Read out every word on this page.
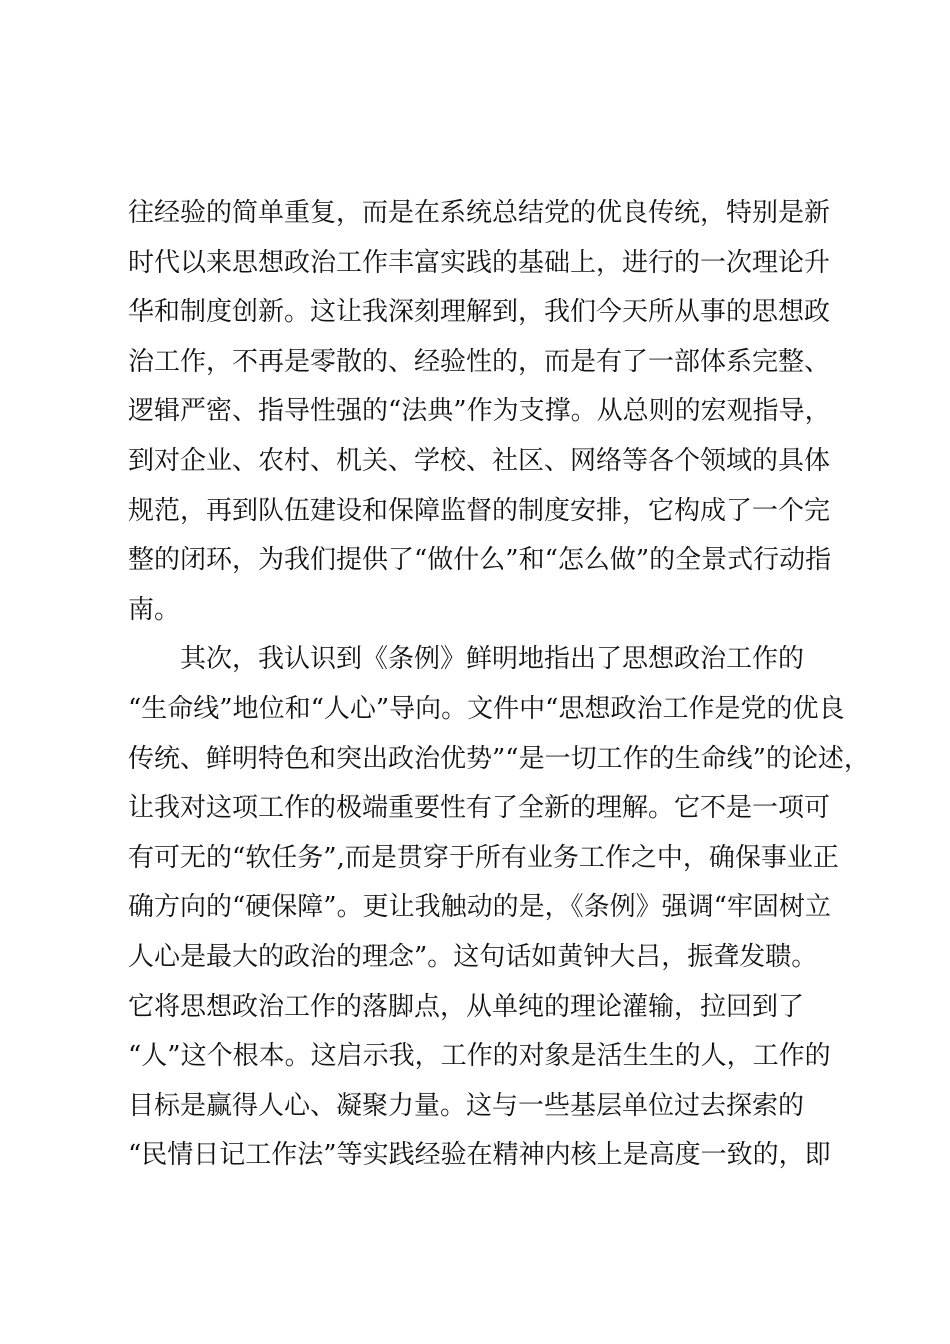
往经验的简单重复，而是在系统总结党的优良传统，特别是新
时代以来思想政治工作丰富实践的基础上，进行的一次理论升
华和制度创新。这让我深刻理解到，我们今天所从事的思想政
治工作，不再是零散的、经验性的，而是有了一部体系完整、
逻辑严密、指导性强的“法典”作为支撑。从总则的宏观指导，
到对企业、农村、机关、学校、社区、网络等各个领域的具体
规范，再到队伍建设和保障监督的制度安排，它构成了一个完
整的闭环，为我们提供了“做什么”和“怎么做”的全景式行动指
南。
其次，我认识到《条例》鲜明地指出了思想政治工作的
“生命线”地位和“人心”导向。文件中“思想政治工作是党的优良
传统、鲜明特色和突出政治优势”“是一切工作的生命线”的论述，
让我对这项工作的极端重要性有了全新的理解。它不是一项可
有可无的“软任务”,而是贯穿于所有业务工作之中，确保事业正
确方向的“硬保障”。更让我触动的是，《条例》强调“牢固树立
人心是最大的政治的理念”。这句话如黄钟大吕，振聋发聩。
它将思想政治工作的落脚点，从单纯的理论灌输，拉回到了
“人”这个根本。这启示我，工作的对象是活生生的人，工作的
目标是赢得人心、凝聚力量。这与一些基层单位过去探索的
“民情日记工作法”等实践经验在精神内核上是高度一致的，即
